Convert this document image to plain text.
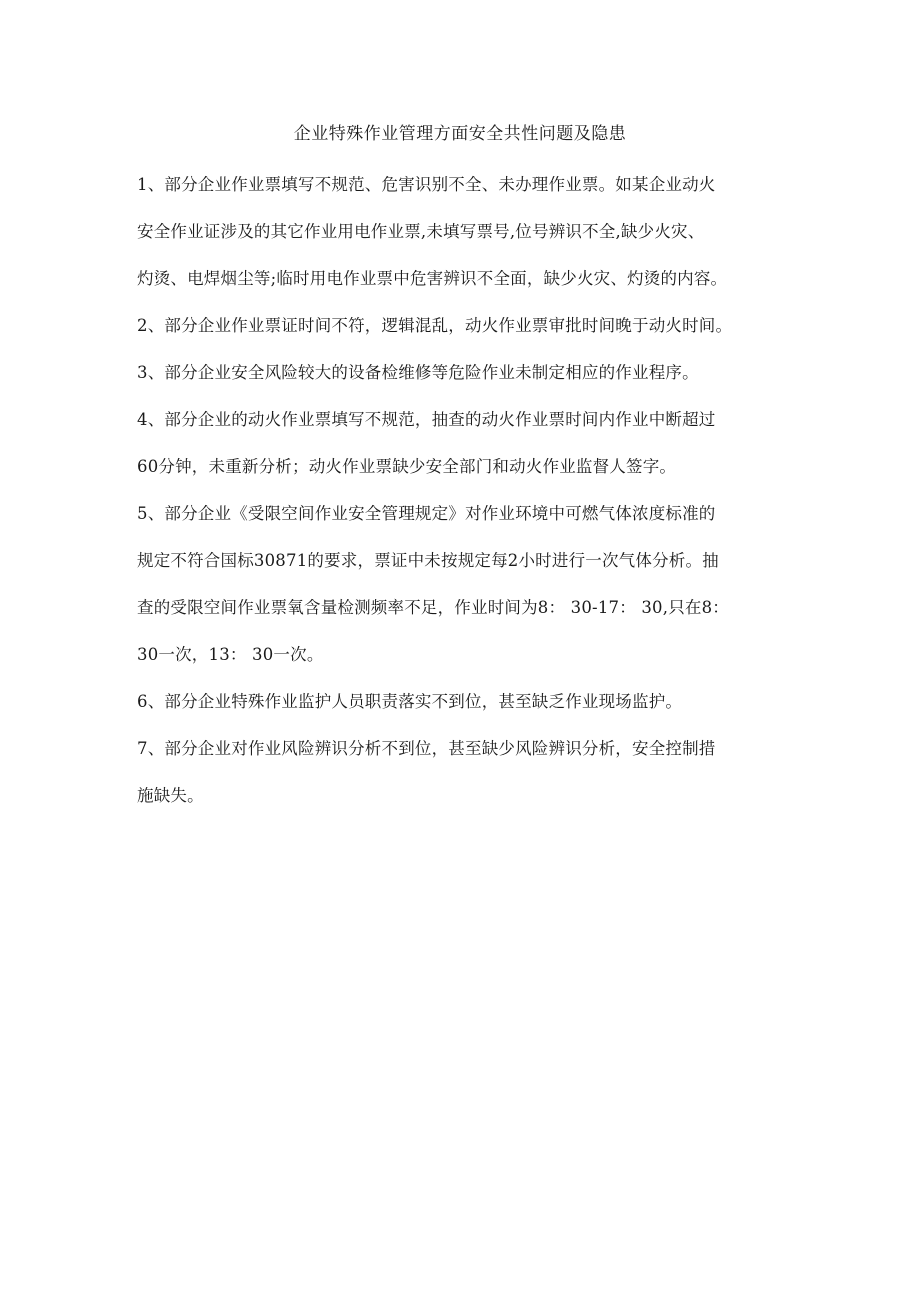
企业特殊作业管理方面安全共性问题及隐患
1、部分企业作业票填写不规范、危害识别不全、未办理作业票。如某企业动火
安全作业证涉及的其它作业用电作业票,未填写票号,位号辨识不全,缺少火灾、
灼烫、电焊烟尘等;临时用电作业票中危害辨识不全面，缺少火灾、灼烫的内容。
2、部分企业作业票证时间不符，逻辑混乱，动火作业票审批时间晚于动火时间。
3、部分企业安全风险较大的设备检维修等危险作业未制定相应的作业程序。
4、部分企业的动火作业票填写不规范，抽查的动火作业票时间内作业中断超过
60分钟，未重新分析；动火作业票缺少安全部门和动火作业监督人签字。
5、部分企业《受限空间作业安全管理规定》对作业环境中可燃气体浓度标准的
规定不符合国标30871的要求，票证中未按规定每2小时进行一次气体分析。抽
查的受限空间作业票氧含量检测频率不足，作业时间为8： 30-17： 30,只在8：
30一次，13： 30一次。
6、部分企业特殊作业监护人员职责落实不到位，甚至缺乏作业现场监护。
7、部分企业对作业风险辨识分析不到位，甚至缺少风险辨识分析，安全控制措
施缺失。
